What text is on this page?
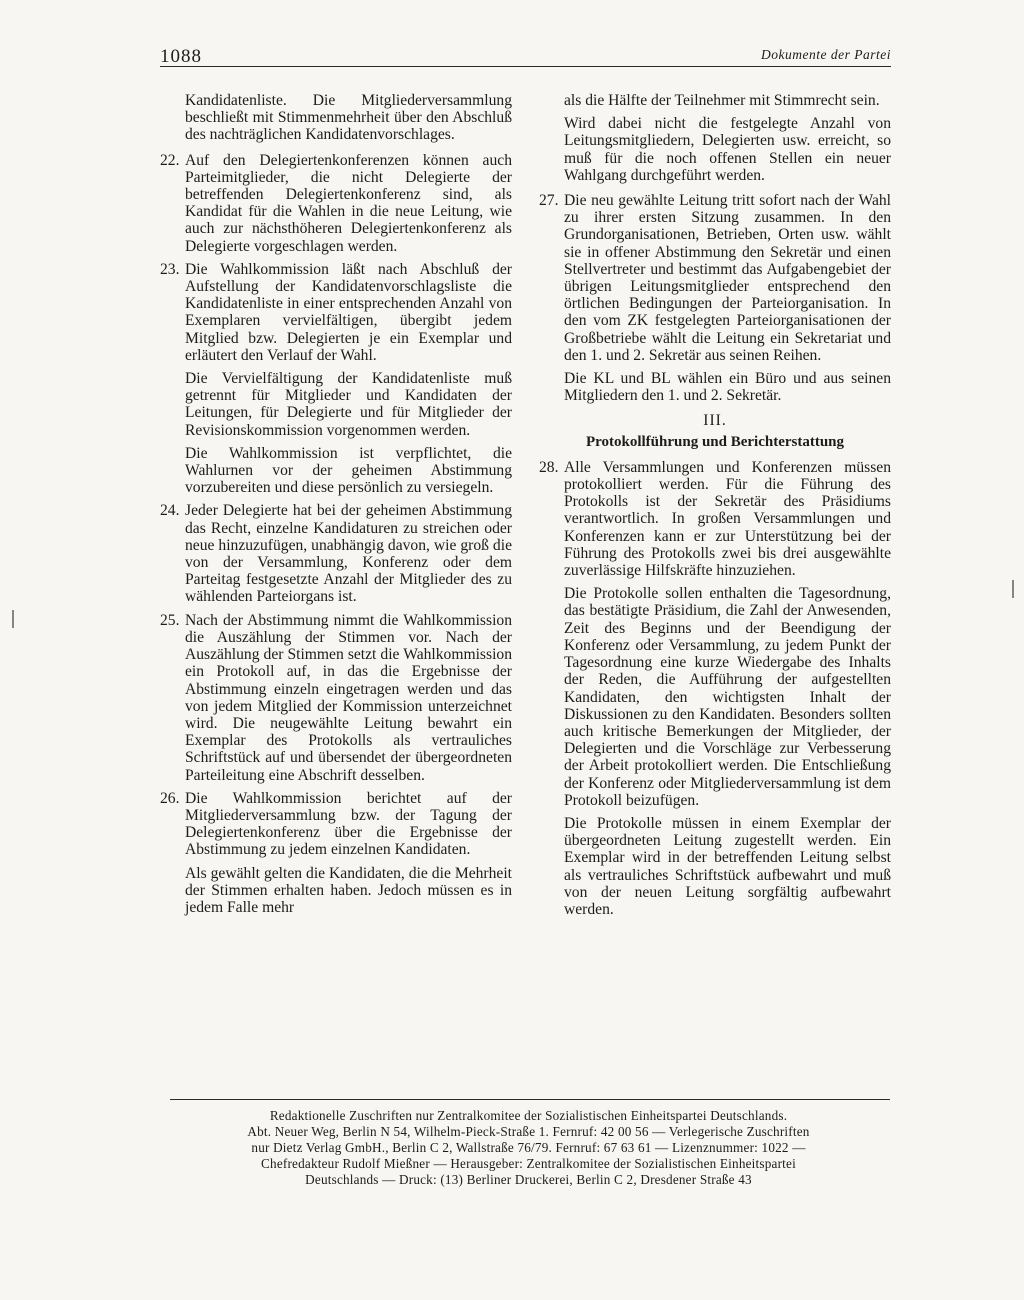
1088	Dokumente der Partei

Kandidatenliste. Die Mitgliederversammlung beschließt mit Stimmenmehrheit über den Abschluß des nachträglichen Kandidatenvorschlages.

22. Auf den Delegiertenkonferenzen können auch Parteimitglieder, die nicht Delegierte der betreffenden Delegiertenkonferenz sind, als Kandidat für die Wahlen in die neue Leitung, wie auch zur nächsthöheren Delegiertenkonferenz als Delegierte vorgeschlagen werden.

23. Die Wahlkommission läßt nach Abschluß der Aufstellung der Kandidatenvorschlagsliste die Kandidatenliste in einer entsprechenden Anzahl von Exemplaren vervielfältigen, übergibt jedem Mitglied bzw. Delegierten je ein Exemplar und erläutert den Verlauf der Wahl.

Die Vervielfältigung der Kandidatenliste muß getrennt für Mitglieder und Kandidaten der Leitungen, für Delegierte und für Mitglieder der Revisionskommission vorgenommen werden.

Die Wahlkommission ist verpflichtet, die Wahlurnen vor der geheimen Abstimmung vorzubereiten und diese persönlich zu versiegeln.

24. Jeder Delegierte hat bei der geheimen Abstimmung das Recht, einzelne Kandidaturen zu streichen oder neue hinzuzufügen, unabhängig davon, wie groß die von der Versammlung, Konferenz oder dem Parteitag festgesetzte Anzahl der Mitglieder des zu wählenden Parteiorgans ist.

25. Nach der Abstimmung nimmt die Wahlkommission die Auszählung der Stimmen vor. Nach der Auszählung der Stimmen setzt die Wahlkommission ein Protokoll auf, in das die Ergebnisse der Abstimmung einzeln eingetragen werden und das von jedem Mitglied der Kommission unterzeichnet wird. Die neugewählte Leitung bewahrt ein Exemplar des Protokolls als vertrauliches Schriftstück auf und übersendet der übergeordneten Parteileitung eine Abschrift desselben.

26. Die Wahlkommission berichtet auf der Mitgliederversammlung bzw. der Tagung der Delegiertenkonferenz über die Ergebnisse der Abstimmung zu jedem einzelnen Kandidaten.

Als gewählt gelten die Kandidaten, die die Mehrheit der Stimmen erhalten haben. Jedoch müssen es in jedem Falle mehr

als die Hälfte der Teilnehmer mit Stimmrecht sein.

Wird dabei nicht die festgelegte Anzahl von Leitungsmitgliedern, Delegierten usw. erreicht, so muß für die noch offenen Stellen ein neuer Wahlgang durchgeführt werden.

27. Die neu gewählte Leitung tritt sofort nach der Wahl zu ihrer ersten Sitzung zusammen. In den Grundorganisationen, Betrieben, Orten usw. wählt sie in offener Abstimmung den Sekretär und einen Stellvertreter und bestimmt das Aufgabengebiet der übrigen Leitungsmitglieder entsprechend den örtlichen Bedingungen der Parteiorganisation. In den vom ZK festgelegten Parteiorganisationen der Großbetriebe wählt die Leitung ein Sekretariat und den 1. und 2. Sekretär aus seinen Reihen.

Die KL und BL wählen ein Büro und aus seinen Mitgliedern den 1. und 2. Sekretär.

III.
Protokollführung und Berichterstattung
28. Alle Versammlungen und Konferenzen müssen protokolliert werden. Für die Führung des Protokolls ist der Sekretär des Präsidiums verantwortlich. In großen Versammlungen und Konferenzen kann er zur Unterstützung bei der Führung des Protokolls zwei bis drei ausgewählte zuverlässige Hilfskräfte hinzuziehen.

Die Protokolle sollen enthalten die Tagesordnung, das bestätigte Präsidium, die Zahl der Anwesenden, Zeit des Beginns und der Beendigung der Konferenz oder Versammlung, zu jedem Punkt der Tagesordnung eine kurze Wiedergabe des Inhalts der Reden, die Aufführung der aufgestellten Kandidaten, den wichtigsten Inhalt der Diskussionen zu den Kandidaten. Besonders sollten auch kritische Bemerkungen der Mitglieder, der Delegierten und die Vorschläge zur Verbesserung der Arbeit protokolliert werden. Die Entschließung der Konferenz oder Mitgliederversammlung ist dem Protokoll beizufügen.

Die Protokolle müssen in einem Exemplar der übergeordneten Leitung zugestellt werden. Ein Exemplar wird in der betreffenden Leitung selbst als vertrauliches Schriftstück aufbewahrt und muß von der neuen Leitung sorgfältig aufbewahrt werden.

Redaktionelle Zuschriften nur Zentralkomitee der Sozialistischen Einheitspartei Deutschlands.
Abt. Neuer Weg, Berlin N 54, Wilhelm-Pieck-Straße 1. Fernruf: 42 00 56 — Verlegerische Zuschriften
nur Dietz Verlag GmbH., Berlin C 2, Wallstraße 76/79. Fernruf: 67 63 61 — Lizenznummer: 1022 —
Chefredakteur Rudolf Mießner — Herausgeber: Zentralkomitee der Sozialistischen Einheitspartei
Deutschlands — Druck: (13) Berliner Druckerei, Berlin C 2, Dresdener Straße 43
